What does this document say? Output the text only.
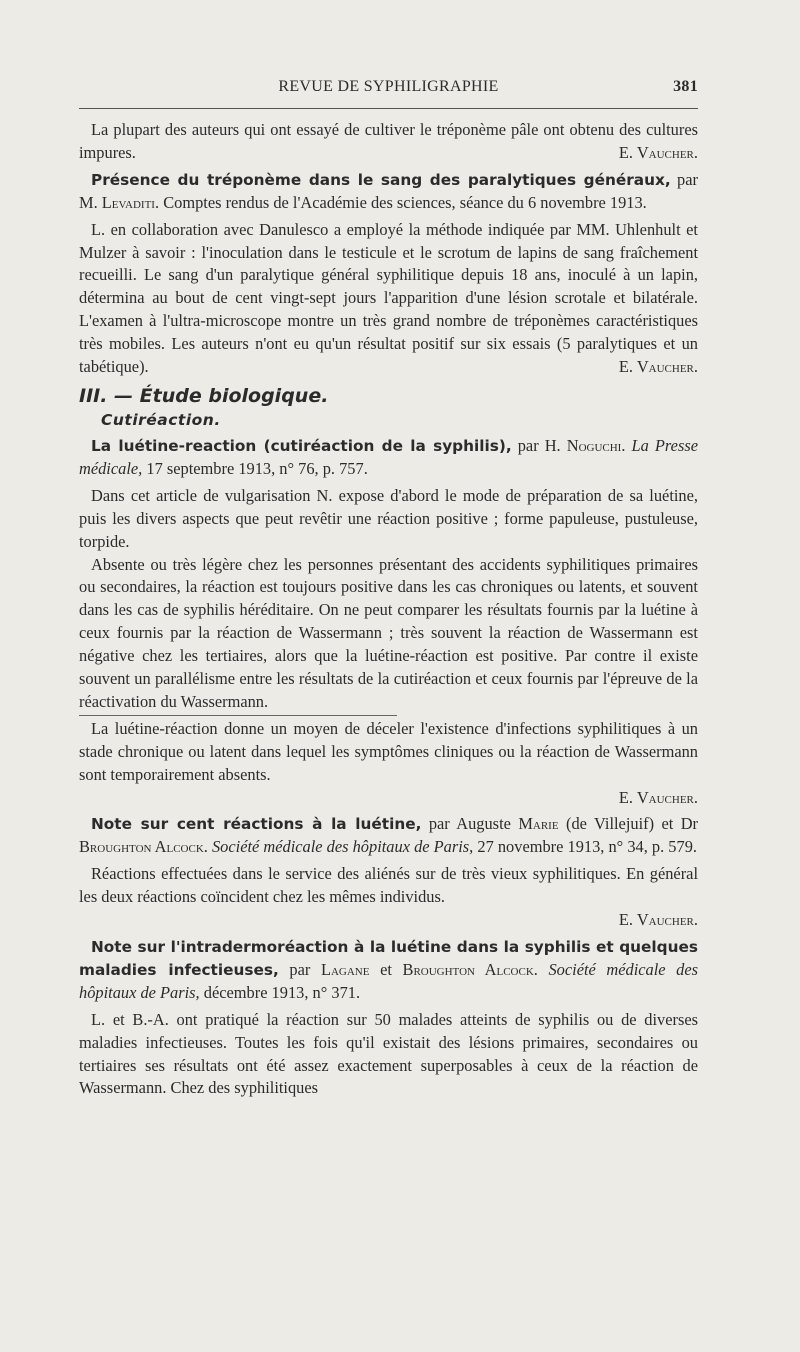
REVUE DE SYPHILIGRAPHIE	381

La plupart des auteurs qui ont essayé de cultiver le tréponème pâle ont obtenu des cultures impures.	E. Vaucher.

Présence du tréponème dans le sang des paralytiques généraux, par M. Levaditi. Comptes rendus de l'Académie des sciences, séance du 6 novembre 1913.

L. en collaboration avec Danulesco a employé la méthode indiquée par MM. Uhlenhult et Mulzer à savoir : l'inoculation dans le testicule et le scrotum de lapins de sang fraîchement recueilli. Le sang d'un paralytique général syphilitique depuis 18 ans, inoculé à un lapin, détermina au bout de cent vingt-sept jours l'apparition d'une lésion scrotale et bilatérale. L'examen à l'ultra-microscope montre un très grand nombre de tréponèmes caractéristiques très mobiles. Les auteurs n'ont eu qu'un résultat positif sur six essais (5 paralytiques et un tabétique).	E. Vaucher.

III. — Étude biologique.
Cutiréaction.

La luétine-reaction (cutiréaction de la syphilis), par H. Noguchi. La Presse médicale, 17 septembre 1913, n° 76, p. 757.

Dans cet article de vulgarisation N. expose d'abord le mode de préparation de sa luétine, puis les divers aspects que peut revêtir une réaction positive ; forme papuleuse, pustuleuse, torpide.

Absente ou très légère chez les personnes présentant des accidents syphilitiques primaires ou secondaires, la réaction est toujours positive dans les cas chroniques ou latents, et souvent dans les cas de syphilis héréditaire. On ne peut comparer les résultats fournis par la luétine à ceux fournis par la réaction de Wassermann ; très souvent la réaction de Wassermann est négative chez les tertiaires, alors que la luétine-réaction est positive. Par contre il existe souvent un parallélisme entre les résultats de la cutiréaction et ceux fournis par l'épreuve de la réactivation du Wassermann.

La luétine-réaction donne un moyen de déceler l'existence d'infections syphilitiques à un stade chronique ou latent dans lequel les symptômes cliniques ou la réaction de Wassermann sont temporairement absents.

E. Vaucher.

Note sur cent réactions à la luétine, par Auguste Marie (de Villejuif) et Dr Broughton Alcock. Société médicale des hôpitaux de Paris, 27 novembre 1913, n° 34, p. 579.

Réactions effectuées dans le service des aliénés sur de très vieux syphilitiques. En général les deux réactions coïncident chez les mêmes individus.

E. Vaucher.

Note sur l'intradermoréaction à la luétine dans la syphilis et quelques maladies infectieuses, par Lagane et Broughton Alcock. Société médicale des hôpitaux de Paris, décembre 1913, n° 371.

L. et B.-A. ont pratiqué la réaction sur 50 malades atteints de syphilis ou de diverses maladies infectieuses. Toutes les fois qu'il existait des lésions primaires, secondaires ou tertiaires ses résultats ont été assez exactement superposables à ceux de la réaction de Wassermann. Chez des syphilitiques
